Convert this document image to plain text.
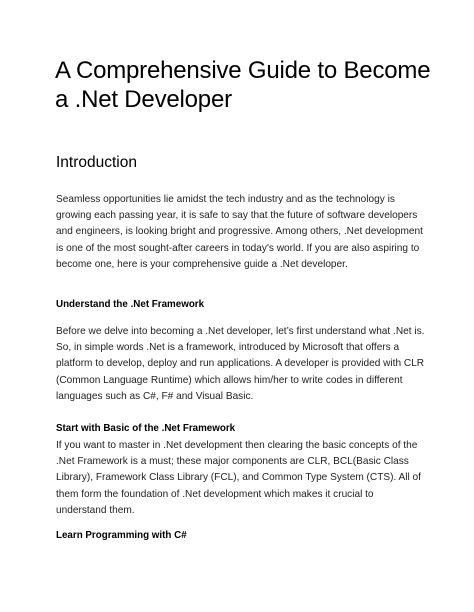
A Comprehensive Guide to Become a .Net Developer
Introduction

Seamless opportunities lie amidst the tech industry and as the technology is growing each passing year, it is safe to say that the future of software developers and engineers, is looking bright and progressive. Among others, .Net development is one of the most sought-after careers in today's world. If you are also aspiring to become one, here is your comprehensive guide a .Net developer.

Understand the .Net Framework

Before we delve into becoming a .Net developer, let’s first understand what .Net is. So, in simple words .Net is a framework, introduced by Microsoft that offers a platform to develop, deploy and run applications. A developer is provided with CLR (Common Language Runtime) which allows him/her to write codes in different languages such as C#, F# and Visual Basic.

Start with Basic of the .Net Framework

If you want to master in .Net development then clearing the basic concepts of the .Net Framework is a must; these major components are CLR, BCL(Basic Class Library), Framework Class Library (FCL), and Common Type System (CTS). All of them form the foundation of .Net development which makes it crucial to understand them.

Learn Programming with C#
